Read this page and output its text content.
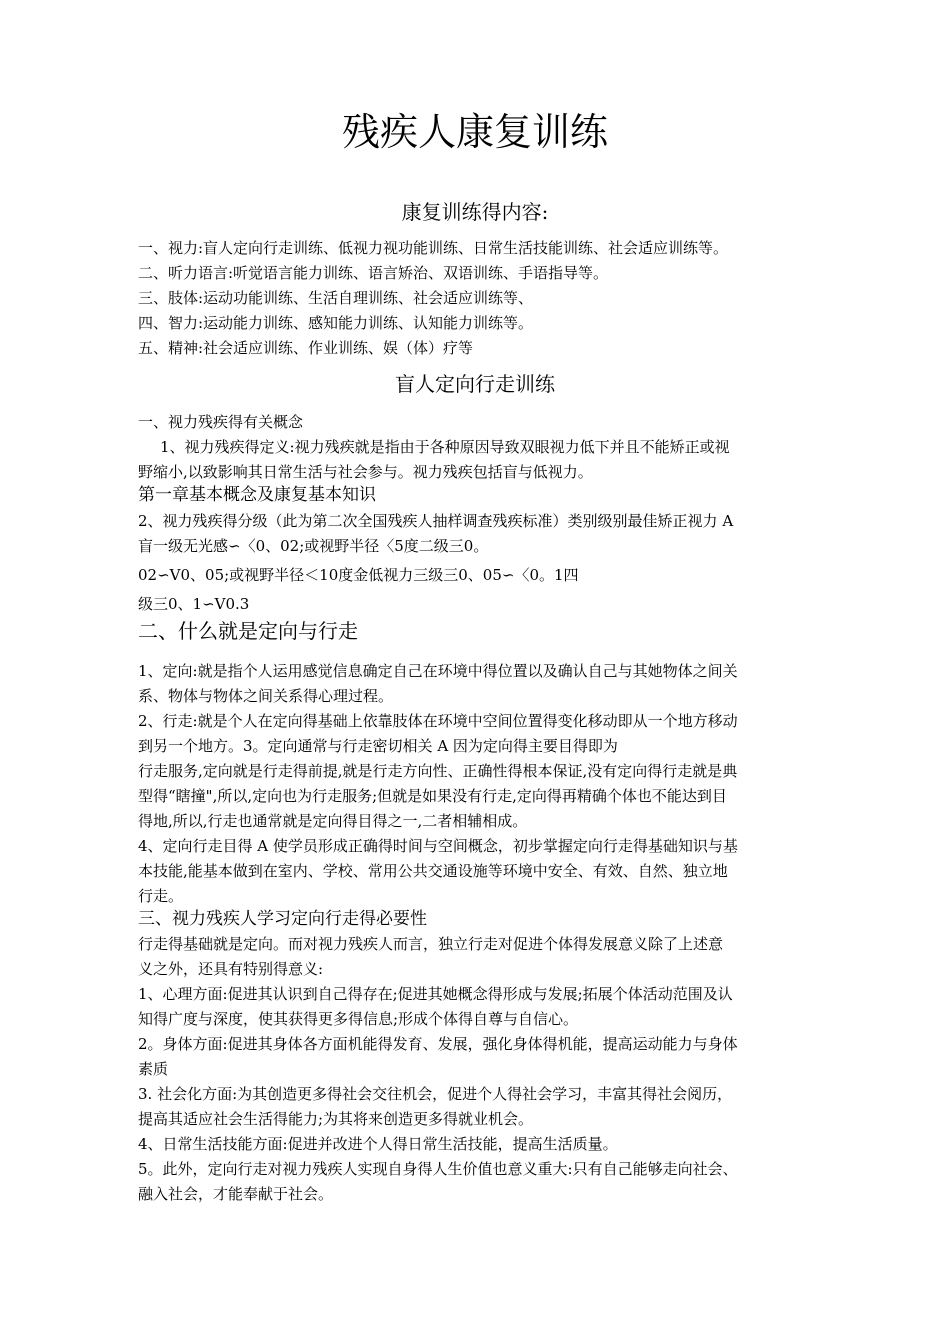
残疾人康复训练
康复训练得内容:
一、视力:盲人定向行走训练、低视力视功能训练、日常生活技能训练、社会适应训练等。
二、听力语言:听觉语言能力训练、语言矫治、双语训练、手语指导等。
三、肢体:运动功能训练、生活自理训练、社会适应训练等、
四、智力:运动能力训练、感知能力训练、认知能力训练等。
五、精神:社会适应训练、作业训练、娱（体）疗等
盲人定向行走训练
一、视力残疾得有关概念
1、视力残疾得定义:视力残疾就是指由于各种原因导致双眼视力低下并且不能矫正或视
野缩小,以致影响其日常生活与社会参与。视力残疾包括盲与低视力。
第一章基本概念及康复基本知识
2、视力残疾得分级（此为第二次全国残疾人抽样调查残疾标准）类别级别最佳矫正视力 A
盲一级无光感∽〈0、02;或视野半径〈5度二级三0。
02∽V0、05;或视野半径＜10度金低视力三级三0、05∽〈0。1四
级三0、1∽V0.3
二、什么就是定向与行走
1、定向:就是指个人运用感觉信息确定自己在环境中得位置以及确认自己与其她物体之间关
系、物体与物体之间关系得心理过程。
2、行走:就是个人在定向得基础上依靠肢体在环境中空间位置得变化移动即从一个地方移动
到另一个地方。3。定向通常与行走密切相关 A 因为定向得主要目得即为
行走服务,定向就是行走得前提,就是行走方向性、正确性得根本保证,没有定向得行走就是典
型得“瞎撞",所以,定向也为行走服务;但就是如果没有行走,定向得再精确个体也不能达到目
得地,所以,行走也通常就是定向得目得之一,二者相辅相成。
4、定向行走目得 A 使学员形成正确得时间与空间概念，初步掌握定向行走得基础知识与基
本技能,能基本做到在室内、学校、常用公共交通设施等环境中安全、有效、自然、独立地
行走。
三、视力残疾人学习定向行走得必要性
行走得基础就是定向。而对视力残疾人而言，独立行走对促进个体得发展意义除了上述意
义之外，还具有特别得意义:
1、心理方面:促进其认识到自己得存在;促进其她概念得形成与发展;拓展个体活动范围及认
知得广度与深度，使其获得更多得信息;形成个体得自尊与自信心。
2。身体方面:促进其身体各方面机能得发育、发展，强化身体得机能，提高运动能力与身体
素质
3. 社会化方面:为其创造更多得社会交往机会，促进个人得社会学习，丰富其得社会阅历，
提高其适应社会生活得能力;为其将来创造更多得就业机会。
4、日常生活技能方面:促进并改进个人得日常生活技能，提高生活质量。
5。此外，定向行走对视力残疾人实现自身得人生价值也意义重大:只有自己能够走向社会、
融入社会，才能奉献于社会。
